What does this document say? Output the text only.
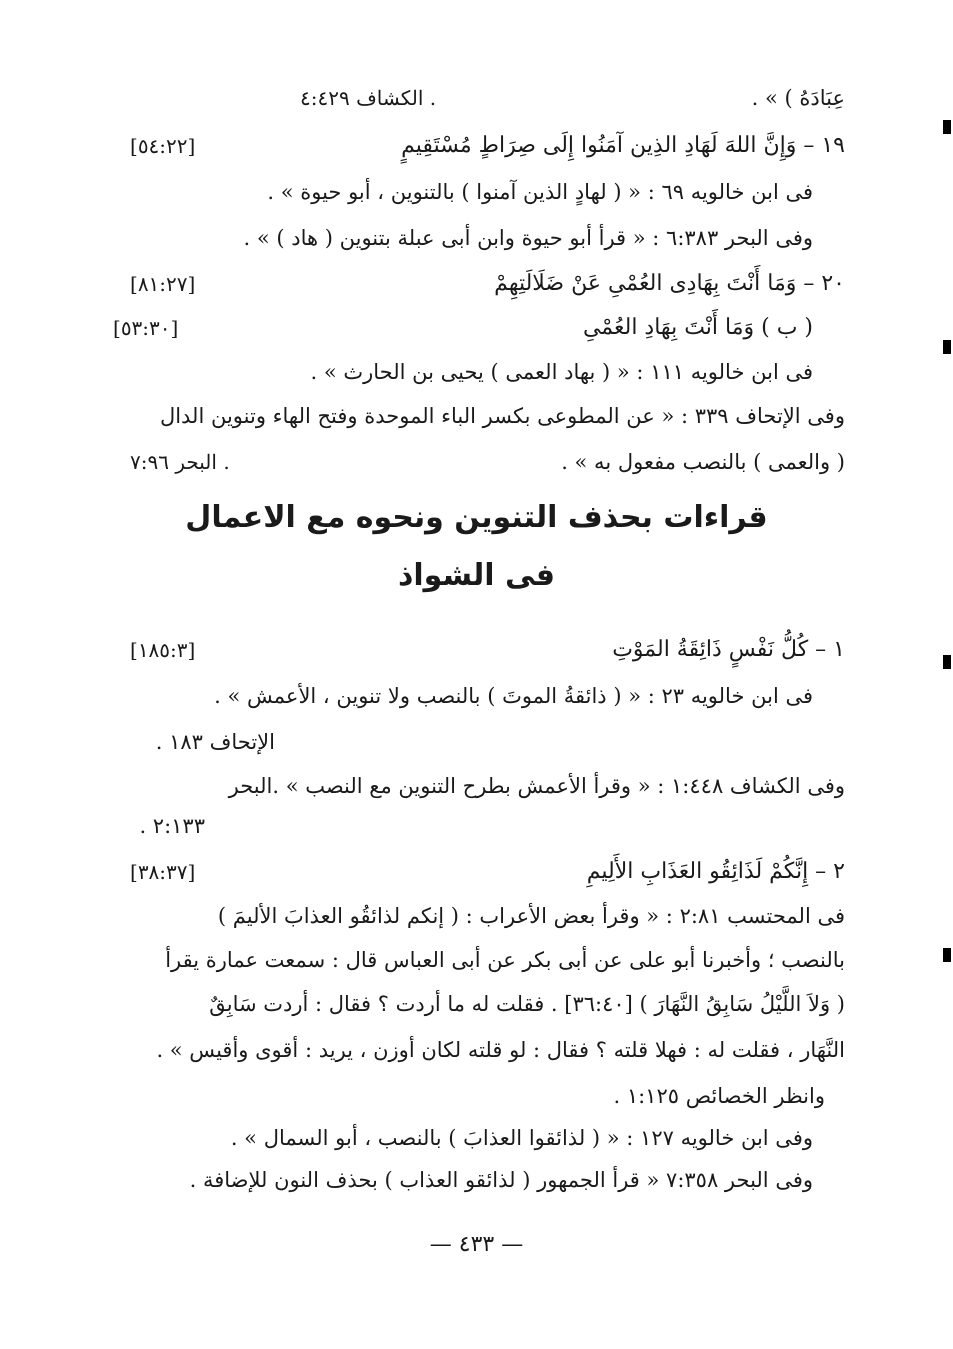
عِبَادَهُ ) » .
الكشاف ٤:٤٢٩ .
١٩ – وَإِنَّ اللهَ لَهَادِ الذِين آمَنُوا إِلَى صِرَاطٍ مُسْتَقِيمٍ
[٥٤:٢٢]
فى ابن خالويه ٦٩ : « ( لهادٍ الذين آمنوا ) بالتنوين ، أبو حيوة » .
وفى البحر ٦:٣٨٣ : « قرأ أبو حيوة وابن أبى عبلة بتنوين ( هاد ) » .
٢٠ – وَمَا أَنْتَ بِهَادِى العُمْىِ عَنْ ضَلَالَتِهِمْ
[٨١:٢٧]
( ب ) وَمَا أَنْتَ بِهَادِ العُمْىِ
[٥٣:٣٠]
فى ابن خالويه ١١١ : « ( بهاد العمى ) يحيى بن الحارث » .
وفى الإتحاف ٣٣٩ : « عن المطوعى بكسر الباء الموحدة وفتح الهاء وتنوين الدال
( والعمى ) بالنصب مفعول به » .
البحر ٧:٩٦ .
قراءات بحذف التنوين ونحوه مع الاعمال
فى الشواذ
١ – كُلُّ نَفْسٍ ذَائِقَةُ المَوْتِ
[١٨٥:٣]
فى ابن خالويه ٢٣ : « ( ذائقةُ الموتَ ) بالنصب ولا تنوين ، الأعمش » .
الإتحاف ١٨٣ .
وفى الكشاف ١:٤٤٨ : « وقرأ الأعمش بطرح التنوين مع النصب » .البحر
٢:١٣٣ .
٢ – إِنَّكُمْ لَذَائِقُو العَذَابِ الأَلِيمِ
[٣٨:٣٧]
فى المحتسب ٢:٨١ : « وقرأ بعض الأعراب : ( إنكم لذائقُو العذابَ الأليمَ )
بالنصب ؛ وأخبرنا أبو على عن أبى بكر عن أبى العباس قال : سمعت عمارة يقرأ
( وَلاَ اللَّيْلُ سَابِقُ النَّهَارَ ) [٣٦:٤٠] . فقلت له ما أردت ؟ فقال : أردت سَابِقٌ
النَّهَار ، فقلت له : فهلا قلته ؟ فقال : لو قلته لكان أوزن ، يريد : أقوى وأقيس » .
وانظر الخصائص ١:١٢٥ .
وفى ابن خالويه ١٢٧ : « ( لذائقوا العذابَ ) بالنصب ، أبو السمال » .
وفى البحر ٧:٣٥٨ « قرأ الجمهور ( لذائقو العذاب ) بحذف النون للإضافة .
— ٤٣٣ —
